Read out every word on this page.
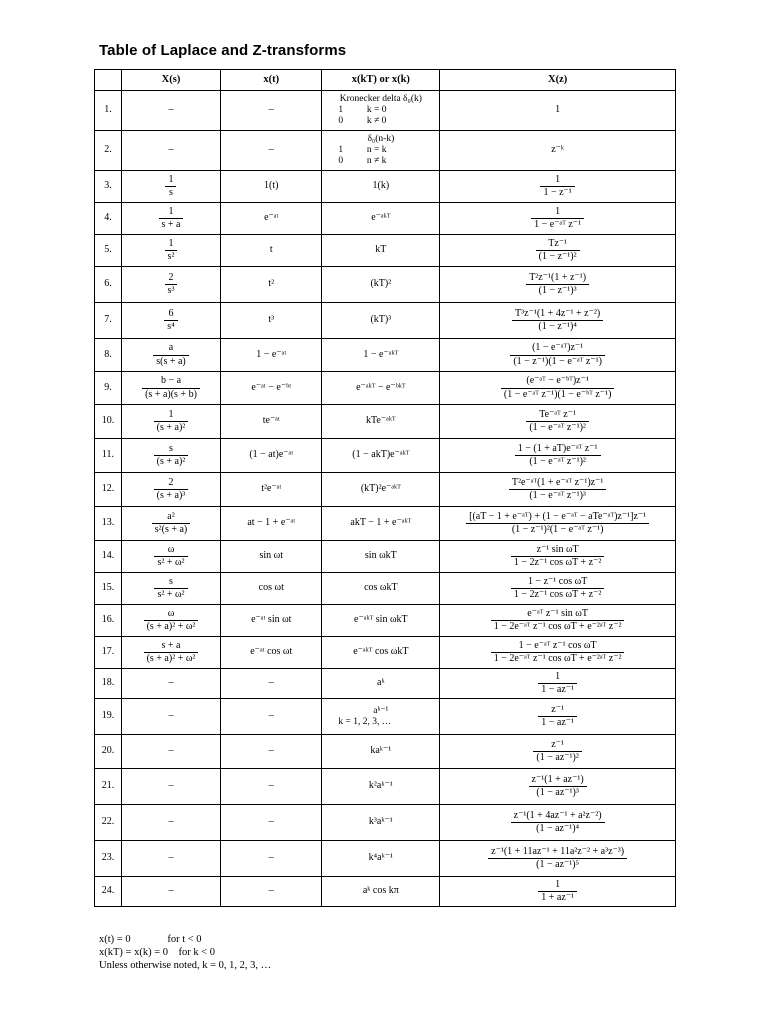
Table of Laplace and Z-transforms
	X(s)	x(t)	x(kT) or x(k)	X(z)
1.	–	–	Kronecker delta δ₀(k)
1          k = 0
0          k ≠ 0	1
2.	–	–	δ₀(n-k)
1          n = k
0          n ≠ k	z⁻ᵏ
3.	$\frac{1}{s}$	1(t)	1(k)	$\frac{1}{\text{1 − z⁻¹}}$

4.	$\frac{1}{s + a}$	e⁻ᵃᵗ	e⁻ᵃᵏᵀ	$\frac{1}{\text{1 − e⁻ᵃᵀ z⁻¹}}$

5.	$\frac{1}{\text{s²}}$	t	kT	$\frac{\text{Tz⁻¹}}{\text{(1 − z⁻¹)²}}$

6.	$\frac{2}{\text{s³}}$	t²	(kT)²	$\frac{\text{T²z⁻¹(1 + z⁻¹)}}{\text{(1 − z⁻¹)³}}$

7.	$\frac{6}{\text{s⁴}}$	t³	(kT)³	$\frac{\text{T³z⁻¹(1 + 4z⁻¹ + z⁻²)}}{\text{(1 − z⁻¹)⁴}}$

8.	$\frac{a}{s(s + a)}$	1 − e⁻ᵃᵗ	1 − e⁻ᵃᵏᵀ	$\frac{\text{(1 − e⁻ᵃᵀ)z⁻¹}}{\text{(1 − z⁻¹)(1 − e⁻ᵃᵀ z⁻¹)}}$

9.	$\frac{b - a}{(s + a)(s + b)}$	e⁻ᵃᵗ − e⁻ᵇᵗ	e⁻ᵃᵏᵀ − e⁻ᵇᵏᵀ	$\frac{\text{(e⁻ᵃᵀ − e⁻ᵇᵀ)z⁻¹}}{\text{(1 − e⁻ᵃᵀ z⁻¹)(1 − e⁻ᵇᵀ z⁻¹)}}$

10.	$\frac{1}{\text{(s + a)²}}$	te⁻ᵃᵗ	kTe⁻ᵃᵏᵀ	$\frac{\text{Te⁻ᵃᵀ z⁻¹}}{\text{(1 − e⁻ᵃᵀ z⁻¹)²}}$

11.	$\frac{s}{\text{(s + a)²}}$	(1 − at)e⁻ᵃᵗ	(1 − akT)e⁻ᵃᵏᵀ	$\frac{\text{1 − (1 + aT)e⁻ᵃᵀ z⁻¹}}{\text{(1 − e⁻ᵃᵀ z⁻¹)²}}$

12.	$\frac{2}{\text{(s + a)³}}$	t²e⁻ᵃᵗ	(kT)²e⁻ᵃᵏᵀ	$\frac{\text{T²e⁻ᵃᵀ(1 + e⁻ᵃᵀ z⁻¹)z⁻¹}}{\text{(1 − e⁻ᵃᵀ z⁻¹)³}}$

13.	$\frac{\text{a²}}{\text{s²(s + a)}}$	at − 1 + e⁻ᵃᵗ	akT − 1 + e⁻ᵃᵏᵀ	$\frac{\text{[(aT − 1 + e⁻ᵃᵀ) + (1 − e⁻ᵃᵀ − aTe⁻ᵃᵀ)z⁻¹]z⁻¹}}{\text{(1 − z⁻¹)²(1 − e⁻ᵃᵀ z⁻¹)}}$

14.	$\frac{\omega}{\text{s² + ω²}}$	sin ωt	sin ωkT	$\frac{\text{z⁻¹ sin ωT}}{\text{1 − 2z⁻¹ cos ωT + z⁻²}}$

15.	$\frac{s}{\text{s² + ω²}}$	cos ωt	cos ωkT	$\frac{\text{1 − z⁻¹ cos ωT}}{\text{1 − 2z⁻¹ cos ωT + z⁻²}}$

16.	$\frac{\omega}{\text{(s + a)² + ω²}}$	e⁻ᵃᵗ sin ωt	e⁻ᵃᵏᵀ sin ωkT	$\frac{\text{e⁻ᵃᵀ z⁻¹ sin ωT}}{\text{1 − 2e⁻ᵃᵀ z⁻¹ cos ωT + e⁻²ᵃᵀ z⁻²}}$

17.	$\frac{s + a}{\text{(s + a)² + ω²}}$	e⁻ᵃᵗ cos ωt	e⁻ᵃᵏᵀ cos ωkT	$\frac{\text{1 − e⁻ᵃᵀ z⁻¹ cos ωT}}{\text{1 − 2e⁻ᵃᵀ z⁻¹ cos ωT + e⁻²ᵃᵀ z⁻²}}$

18.	–	–	aᵏ	$\frac{1}{\text{1 − az⁻¹}}$

19.	–	–	aᵏ⁻¹
k = 1, 2, 3, …	$\frac{\text{z⁻¹}}{\text{1 − az⁻¹}}$

20.	–	–	kaᵏ⁻¹	$\frac{\text{z⁻¹}}{\text{(1 − az⁻¹)²}}$

21.	–	–	k²aᵏ⁻¹	$\frac{\text{z⁻¹(1 + az⁻¹)}}{\text{(1 − az⁻¹)³}}$

22.	–	–	k³aᵏ⁻¹	$\frac{\text{z⁻¹(1 + 4az⁻¹ + a²z⁻²)}}{\text{(1 − az⁻¹)⁴}}$

23.	–	–	k⁴aᵏ⁻¹	$\frac{\text{z⁻¹(1 + 11az⁻¹ + 11a²z⁻² + a³z⁻³)}}{\text{(1 − az⁻¹)⁵}}$

24.	–	–	aᵏ cos kπ	$\frac{1}{\text{1 + az⁻¹}}$
x(t) = 0              for t < 0
x(kT) = x(k) = 0    for k < 0
Unless otherwise noted, k = 0, 1, 2, 3, …
